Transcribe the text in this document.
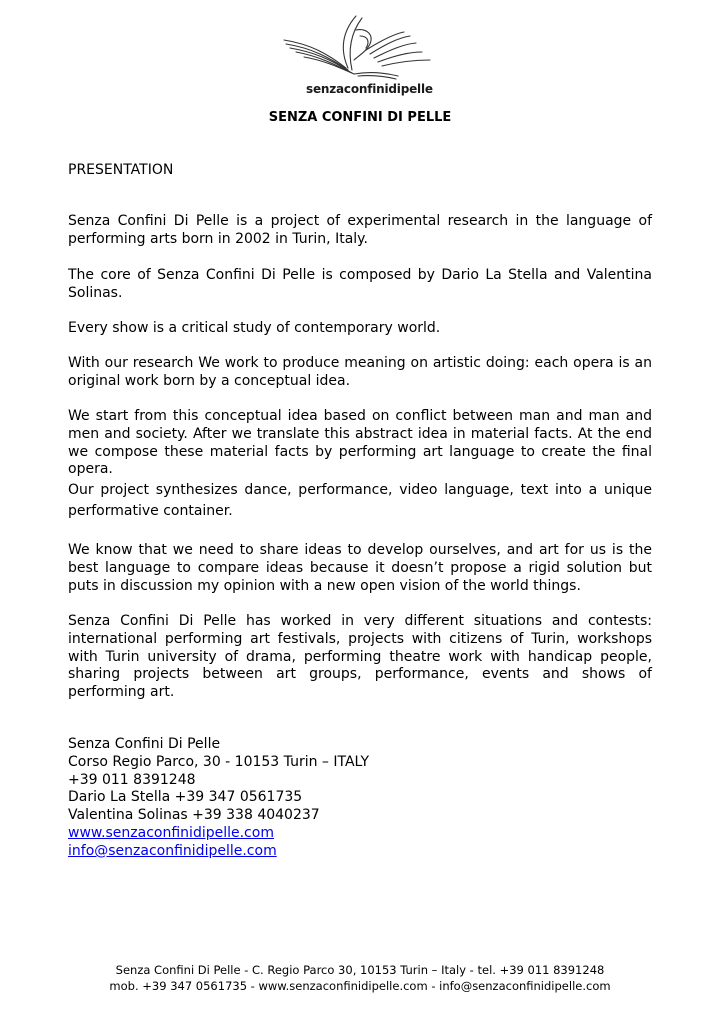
senzaconfinidipelle
SENZA CONFINI DI PELLE
PRESENTATION

Senza Confini Di Pelle is a project of experimental research in the language of performing arts born in 2002 in Turin, Italy.

The core of Senza Confini Di Pelle is composed by Dario La Stella and Valentina Solinas.

Every show is a critical study of contemporary world.

With our research We work to produce meaning on artistic doing: each opera is an original work born by a conceptual idea.

We start from this conceptual idea based on conflict between man and man and men and society. After we translate this abstract idea in material facts. At the end we compose these material facts by performing art language to create the final opera.

Our project synthesizes dance, performance, video language, text into a unique performative container.

We know that we need to share ideas to develop ourselves, and art for us is the best language to compare ideas because it doesn’t propose a rigid solution but puts in discussion my opinion with a new open vision of the world things.

Senza Confini Di Pelle has worked in very different situations and contests: international performing art festivals, projects with citizens of Turin, workshops with Turin university of drama, performing theatre work with handicap people, sharing projects between art groups, performance, events and shows of performing art.

Senza Confini Di Pelle
Corso Regio Parco, 30 - 10153 Turin – ITALY
+39 011 8391248
Dario La Stella +39 347 0561735
Valentina Solinas +39 338 4040237
www.senzaconfinidipelle.com
info@senzaconfinidipelle.com
Senza Confini Di Pelle - C. Regio Parco 30, 10153 Turin – Italy - tel. +39 011 8391248
mob. +39 347 0561735 - www.senzaconfinidipelle.com - info@senzaconfinidipelle.com
